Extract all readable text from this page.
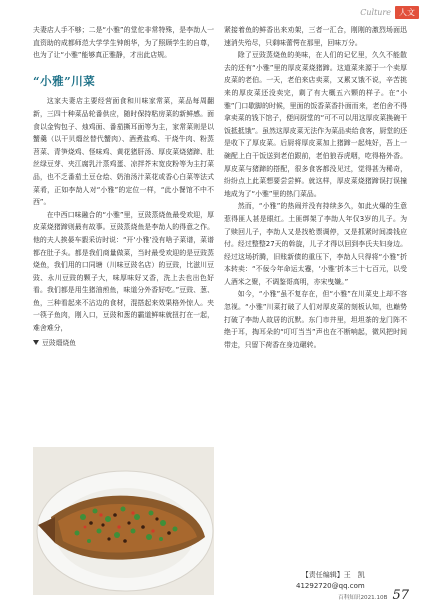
Culture	人文

夫妻店人手不够；二是“小雅”的堂佗非常特殊，是李劼人一直资助的成都师范大学学生钟朗华，为了照顾学生的自尊，也为了让“小雅”能够真正雅静，才出此店规。

“小雅”川菜

这家夫妻店主要经营面食和川味家常菜，菜品每周翻新，三四十种菜品轮番供应，随时保持粘房菜的新鲜感。面食以金钩包子、烛鸡面、番茄撕耳面等为主，家常菜则是以蟹羹（以干贝熘丝替代蟹肉）、酒煮盐鸡、干烧牛肉、粉蒸苕菜、青笋烧鸡、怪味鸡、黄花猪肝汤、厚皮菜烧猪蹄、肚丝绿豆芽、夹江腐乳汁蒸鸡蛋、凉拌芥末宽皮粉等为主打菜品，也不乏番茄土豆仓烩、奶油汤汁菜花或香心白菜等法式菜肴，正如李劼人对“小雅”的定位一样，“此小餐馆不中不西”。

在中西口味融合的“小雅”里，豆豉蒸烧鱼最受欢迎，厚皮菜烧猪蹄则最有故事。豆豉蒸烧鱼是李劼人的得意之作。他的夫人挨晏车貑采访时说：“开‘小雅’没有啥子菜谱，菜谱都在肚子头。都是我们商量做菜，当时最受欢迎的是豆豉蒸烧鱼，我们用的口同塘（川味豆豉名店）的豆豉，比滋川豆豉、永川豆豉的颗子大，味厚味好又香，洗上去也出色好看。我们都是用生猪油煎鱼，味道分外香好吃。”豆豉、葱、鱼，三种看起来不沾边的食材，混搭起来效果格外惊人。夹一筷子鱼肉，刚入口，豆豉和葱的霸道鲜味就扭打在一起，难舍难分，

豆豉熘烧鱼

紧接着鱼的鲜香出来劝架，三者一汇合，刚刚的激烈场面迅速消失殆尽，只剩味蕾愕在那里，回味万分。

除了豆豉蒸烧鱼的美味，在人们的记忆里，久久不能散去的还有“小雅”里的厚皮菜烧猪蹄。这道菜来源于一个卖厚皮菜的老伯。一天，老伯来店卖菜，又累又饿不说，辛苦挑来的厚皮菜还没卖完，剩了有大概五六颗的样子。在“小雅”门口歇脚的时候，里面的饭香菜香扑面而来，老伯舍不得拿卖菜的钱下馆子，便问厨堂的“可不可以用这厚皮菜换碗干饭抵抵饿”。虽然这厚皮菜无法作为菜品卖给食客，厨堂的还是收下了厚皮菜。后厨将厚皮菜加上猪蹄一起炖好，吾上一碗配上白干饭送到老伯跟前，老伯狼吞虎咽，吃得格外香。厚皮菜与猪蹄的搭配，很多食客都没见过，觉得甚为稀奇，纷纷点上此菜想要尝尝鲜。就这样，厚皮菜烧猪蹄误打误撞地成为了“小雅”里的热门菜品。

然而，“小雅”的热闹并没有持续多久，如此火爆的生意惹得匪人甚是眼红。土匪绑架了李劼人年仅3岁的儿子。为了赎回儿子，李劼人又是找枪票调停，又是抓紧时间凑钱应付。经过整整27天的斡旋，儿子才得以回到李氏夫妇身边。经过这场折腾，旧账新债的重压下，李劼人只得将“小雅”折本转卖：“不佞今年命运太蹇，‘小雅’折本三十七百元，以受人酒米之聚，不调鉴哥高明，亦宋曳嫌。”

如今，“小雅”虽不复存在，但“小雅”在川菜史上却不容忽视。“小雅”川菜打破了人们对厚皮菜的刻板认知，也巅势打破了李劼人故居的沉默。东门市井里，坦坦茶的龙门阵不绝于耳，掏耳朵的“叮叮当当”声也在不断响起，微风把时间带走，只留下荷香在身边碾转。

【责任编辑】王　凯
41292720@qq.com
百科知识2021.10B 57
